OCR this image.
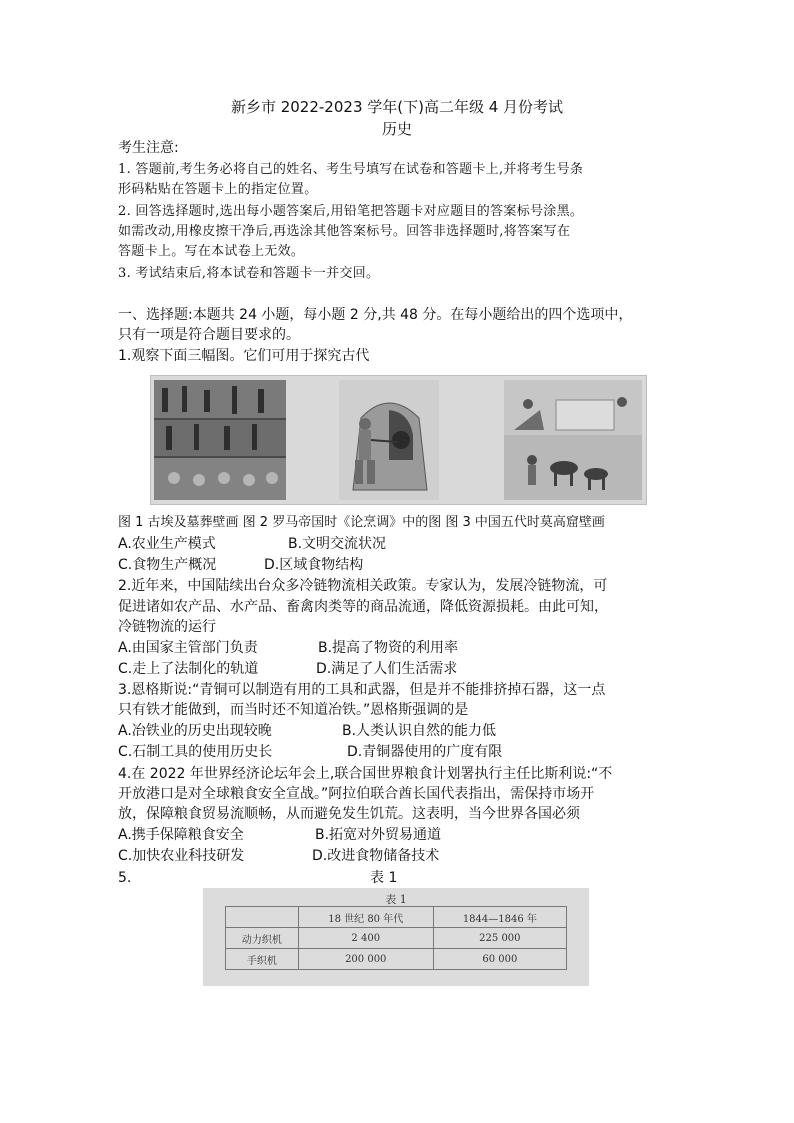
新乡市 2022-2023 学年(下)高二年级 4 月份考试
历史
考生注意:
1. 答题前,考生务必将自己的姓名、考生号填写在试卷和答题卡上,并将考生号条
形码粘贴在答题卡上的指定位置。
2. 回答选择题时,选出每小题答案后,用铅笔把答题卡对应题目的答案标号涂黑。
如需改动,用橡皮擦干净后,再选涂其他答案标号。回答非选择题时,将答案写在
答题卡上。写在本试卷上无效。
3. 考试结束后,将本试卷和答题卡一并交回。
一、选择题:本题共 24 小题，每小题 2 分,共 48 分。在每小题给出的四个选项中，
只有一项是符合题目要求的。
1.观察下面三幅图。它们可用于探究古代
图 1 古埃及墓葬壁画 图 2 罗马帝国时《论烹调》中的图 图 3 中国五代时莫高窟壁画
A.农业生产模式	B.文明交流状况
C.食物生产概况	D.区域食物结构
2.近年来，中国陆续出台众多冷链物流相关政策。专家认为，发展冷链物流，可
促进诸如农产品、水产品、畜禽肉类等的商品流通，降低资源损耗。由此可知，
冷链物流的运行
A.由国家主管部门负责	B.提高了物资的利用率
C.走上了法制化的轨道	D.满足了人们生活需求
3.恩格斯说:“青铜可以制造有用的工具和武器，但是并不能排挤掉石器，这一点
只有铁才能做到，而当时还不知道冶铁。”恩格斯强调的是
A.冶铁业的历史出现较晚	B.人类认识自然的能力低
C.石制工具的使用历史长	D.青铜器使用的广度有限
4.在 2022 年世界经济论坛年会上,联合国世界粮食计划署执行主任比斯利说:“不
开放港口是对全球粮食安全宣战。”阿拉伯联合酋长国代表指出，需保持市场开
放，保障粮食贸易流顺畅，从而避免发生饥荒。这表明，当今世界各国必须
A.携手保障粮食安全	B.拓宽对外贸易通道
C.加快农业科技研发	D.改进食物储备技术
5.	表 1
表 1
	18 世纪 80 年代	1844—1846 年
动力织机	2 400	225 000
手织机	200 000	60 000
